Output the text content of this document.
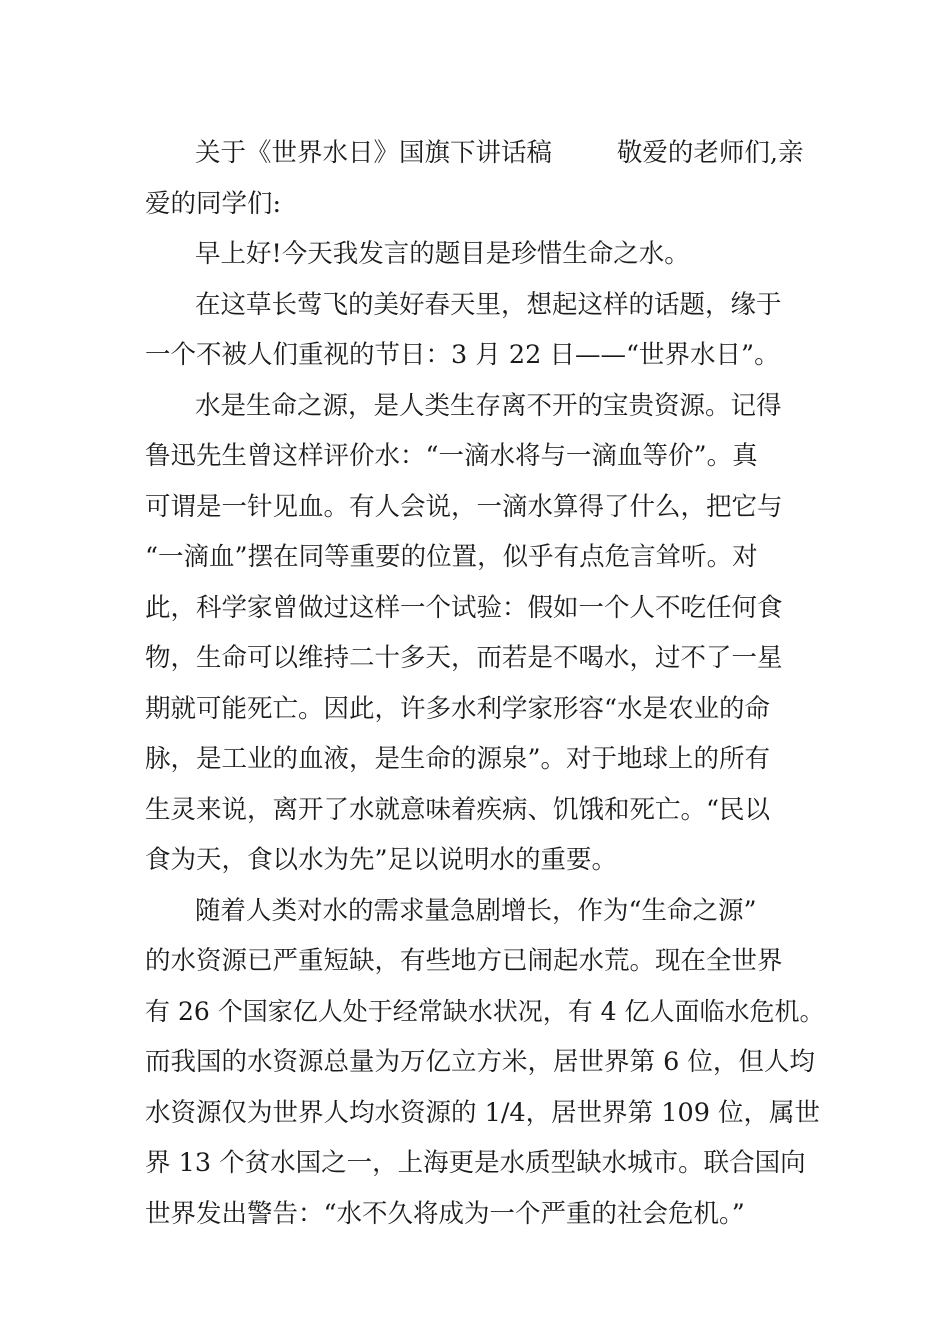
关于《世界水日》国旗下讲话稿        敬爱的老师们,亲
爱的同学们:
早上好!今天我发言的题目是珍惜生命之水。
在这草长莺飞的美好春天里，想起这样的话题，缘于
一个不被人们重视的节日：3 月 22 日——“世界水日”。
水是生命之源，是人类生存离不开的宝贵资源。记得
鲁迅先生曾这样评价水：“一滴水将与一滴血等价”。真
可谓是一针见血。有人会说，一滴水算得了什么，把它与
“一滴血”摆在同等重要的位置，似乎有点危言耸听。对
此，科学家曾做过这样一个试验：假如一个人不吃任何食
物，生命可以维持二十多天，而若是不喝水，过不了一星
期就可能死亡。因此，许多水利学家形容“水是农业的命
脉，是工业的血液，是生命的源泉”。对于地球上的所有
生灵来说，离开了水就意味着疾病、饥饿和死亡。“民以
食为天，食以水为先”足以说明水的重要。
随着人类对水的需求量急剧增长，作为“生命之源”
的水资源已严重短缺，有些地方已闹起水荒。现在全世界
有 26 个国家亿人处于经常缺水状况，有 4 亿人面临水危机。
而我国的水资源总量为万亿立方米，居世界第 6 位，但人均
水资源仅为世界人均水资源的 1/4，居世界第 109 位，属世
界 13 个贫水国之一，上海更是水质型缺水城市。联合国向
世界发出警告：“水不久将成为一个严重的社会危机。”
